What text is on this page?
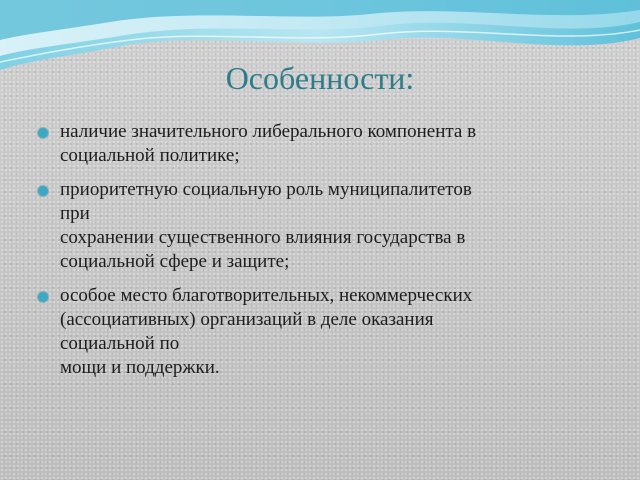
Особенности:
наличие значительного либерального компонента в
социальной политике;
приоритетную социальную роль муниципалитетов
при
сохранении существенного влияния государства в
социальной сфере и защите;
особое место благотворительных, некоммерческих
(ассоциативных) организаций в деле оказания
социальной по
мощи и поддержки.
